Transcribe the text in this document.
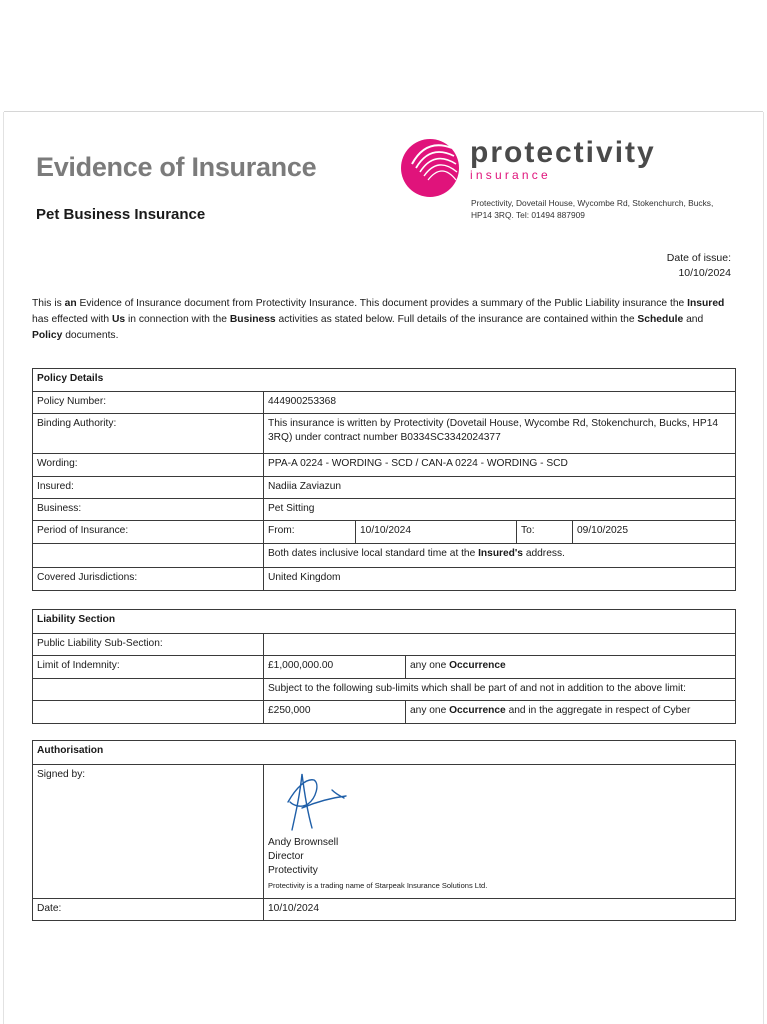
Evidence of Insurance
Pet Business Insurance
protectivity
insurance

Protectivity, Dovetail House, Wycombe Rd, Stokenchurch, Bucks, HP14 3RQ. Tel: 01494 887909

Date of issue:
10/10/2024

This is an Evidence of Insurance document from Protectivity Insurance. This document provides a summary of the Public Liability insurance the Insured has effected with Us in connection with the Business activities as stated below. Full details of the insurance are contained within the Schedule and Policy documents.

Policy Details				
Policy Number:	444900253368			
Binding Authority:	This insurance is written by Protectivity (Dovetail House, Wycombe Rd, Stokenchurch, Bucks, HP14 3RQ) under contract number B0334SC3342024377			
Wording:	PPA-A 0224 - WORDING - SCD / CAN-A 0224 - WORDING - SCD			
Insured:	Nadiia Zaviazun			
Business:	Pet Sitting			
Period of Insurance:	From:	10/10/2024	To:	09/10/2025
	Both dates inclusive local standard time at the Insured's address.			
Covered Jurisdictions:	United Kingdom			
Liability Section		
Public Liability Sub-Section:		
Limit of Indemnity:	£1,000,000.00	any one Occurrence
	Subject to the following sub-limits which shall be part of and not in addition to the above limit:	
	£250,000	any one Occurrence and in the aggregate in respect of Cyber
Authorisation	
Signed by:	Andy Brownsell
Director
Protectivity
Protectivity is a trading name of Starpeak Insurance Solutions Ltd.

Date:	10/10/2024
